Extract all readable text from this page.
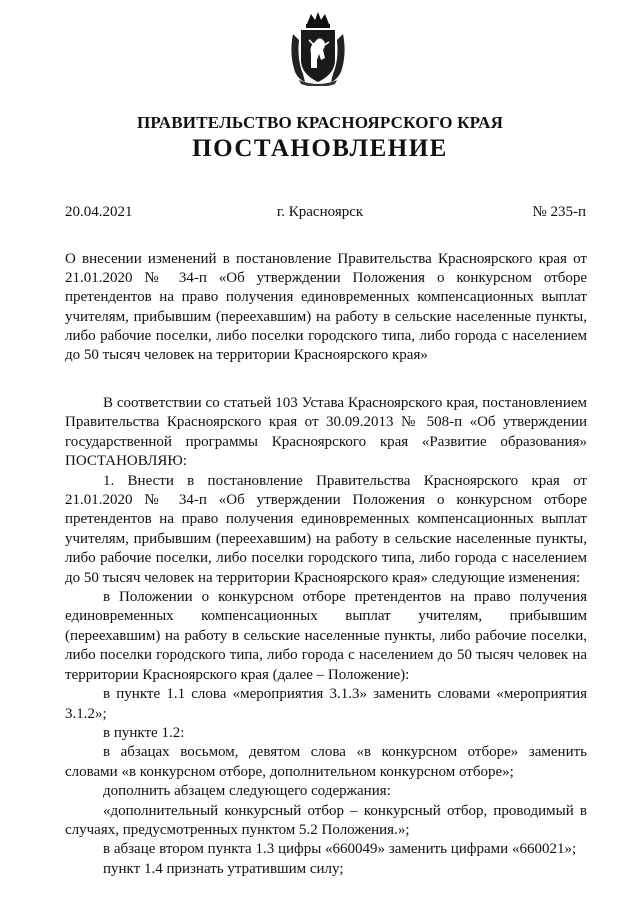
ПРАВИТЕЛЬСТВО КРАСНОЯРСКОГО КРАЯ
ПОСТАНОВЛЕНИЕ
20.04.2021	г. Красноярск	№ 235-п
О внесении изменений в постановление Правительства Красноярского края от 21.01.2020 № 34-п «Об утверждении Положения о конкурсном отборе претендентов на право получения единовременных компенсационных выплат учителям, прибывшим (переехавшим) на работу в сельские населенные пункты, либо рабочие поселки, либо поселки городского типа, либо города с населением до 50 тысяч человек на территории Красноярского края»

В соответствии со статьей 103 Устава Красноярского края, постановлением Правительства Красноярского края от 30.09.2013 № 508-п «Об утверждении государственной программы Красноярского края «Развитие образования» ПОСТАНОВЛЯЮ:

1. Внести в постановление Правительства Красноярского края от 21.01.2020 № 34-п «Об утверждении Положения о конкурсном отборе претендентов на право получения единовременных компенсационных выплат учителям, прибывшим (переехавшим) на работу в сельские населенные пункты, либо рабочие поселки, либо поселки городского типа, либо города с населением до 50 тысяч человек на территории Красноярского края» следующие изменения:

в Положении о конкурсном отборе претендентов на право получения единовременных компенсационных выплат учителям, прибывшим (переехавшим) на работу в сельские населенные пункты, либо рабочие поселки, либо поселки городского типа, либо города с населением до 50 тысяч человек на территории Красноярского края (далее – Положение):

в пункте 1.1 слова «мероприятия 3.1.3» заменить словами «мероприятия 3.1.2»;

в пункте 1.2:

в абзацах восьмом, девятом слова «в конкурсном отборе» заменить словами «в конкурсном отборе, дополнительном конкурсном отборе»;

дополнить абзацем следующего содержания:

«дополнительный конкурсный отбор – конкурсный отбор, проводимый в случаях, предусмотренных пунктом 5.2 Положения.»;

в абзаце втором пункта 1.3 цифры «660049» заменить цифрами «660021»;

пункт 1.4 признать утратившим силу;
